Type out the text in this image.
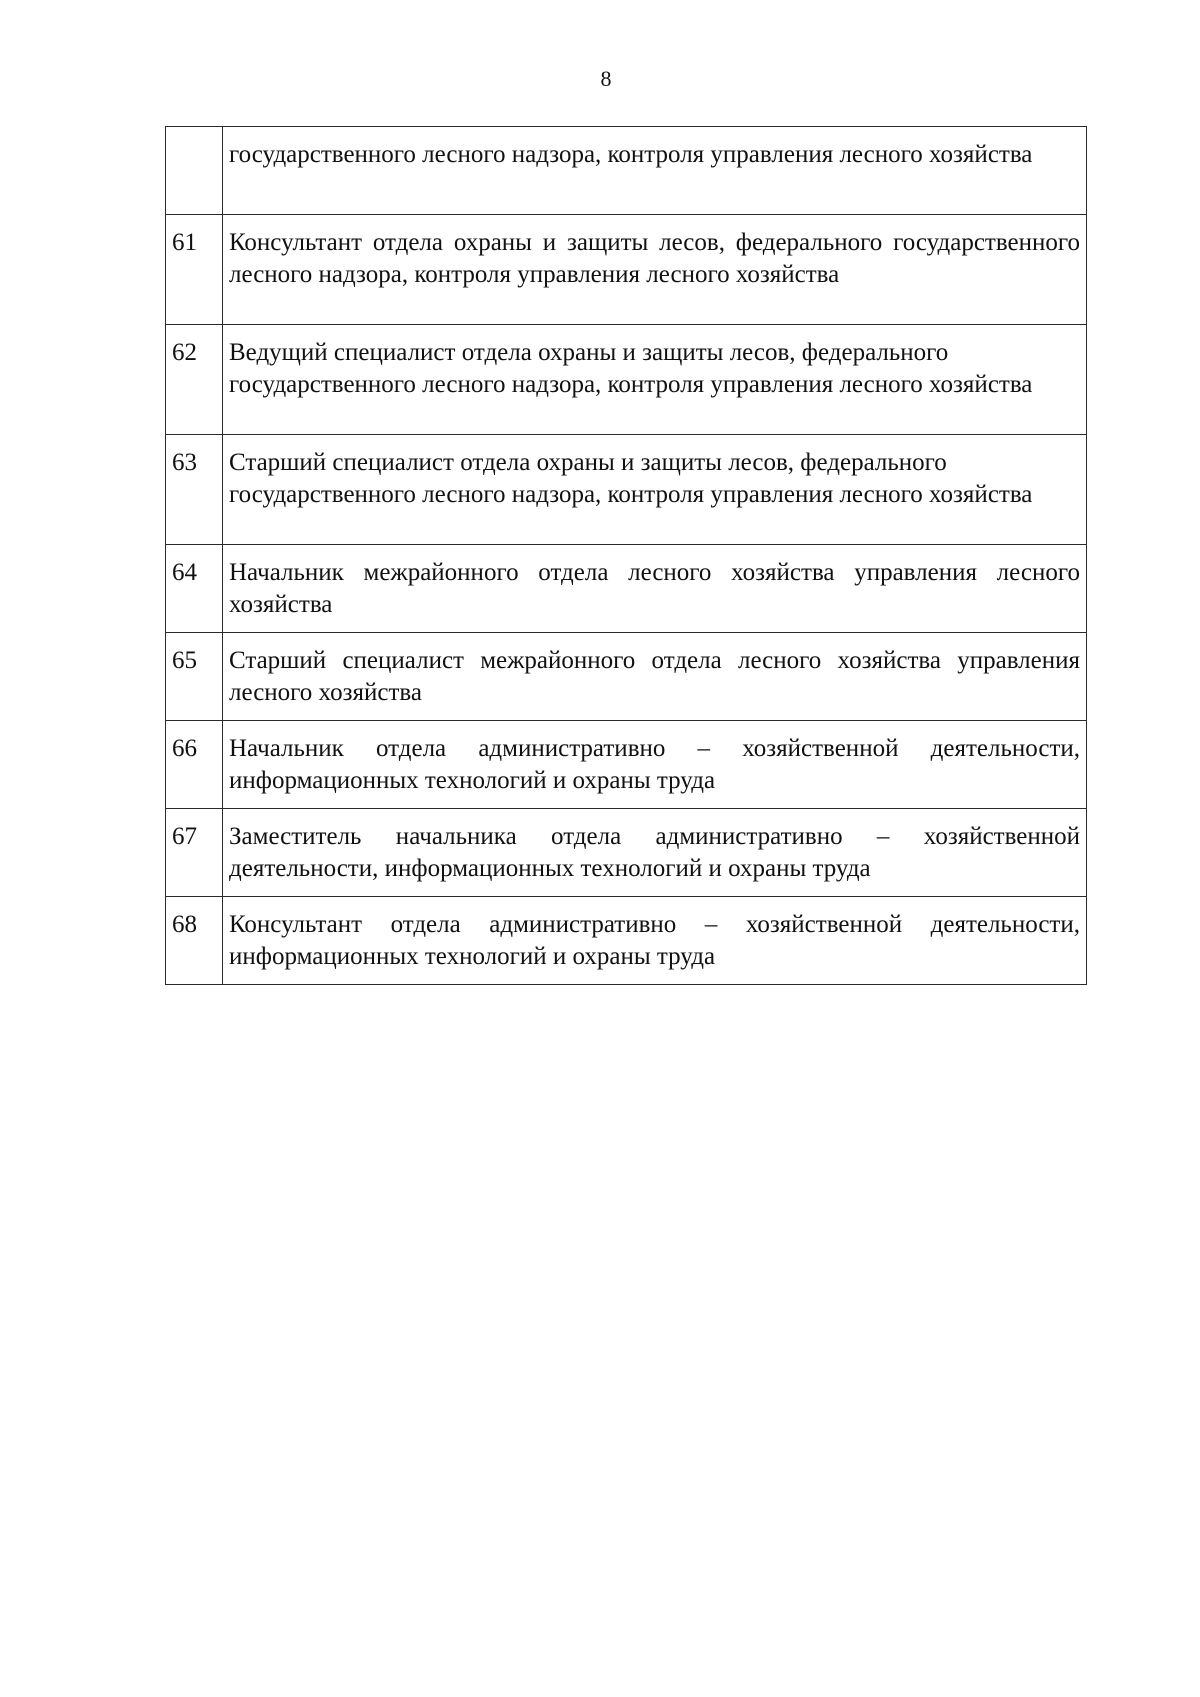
8
	государственного лесного надзора, контроля управления лесного хозяйства
61	Консультант отдела охраны и защиты лесов, федерального государственного лесного надзора, контроля управления лесного хозяйства
62	Ведущий специалист отдела охраны и защиты лесов, федерального государственного лесного надзора, контроля управления лесного хозяйства
63	Старший специалист отдела охраны и защиты лесов, федерального государственного лесного надзора, контроля управления лесного хозяйства
64	Начальник межрайонного отдела лесного хозяйства управления лесного хозяйства
65	Старший специалист межрайонного отдела лесного хозяйства управления лесного хозяйства
66	Начальник отдела административно – хозяйственной деятельности, информационных технологий и охраны труда
67	Заместитель начальника отдела административно – хозяйственной деятельности, информационных технологий и охраны труда
68	Консультант отдела административно – хозяйственной деятельности, информационных технологий и охраны труда
